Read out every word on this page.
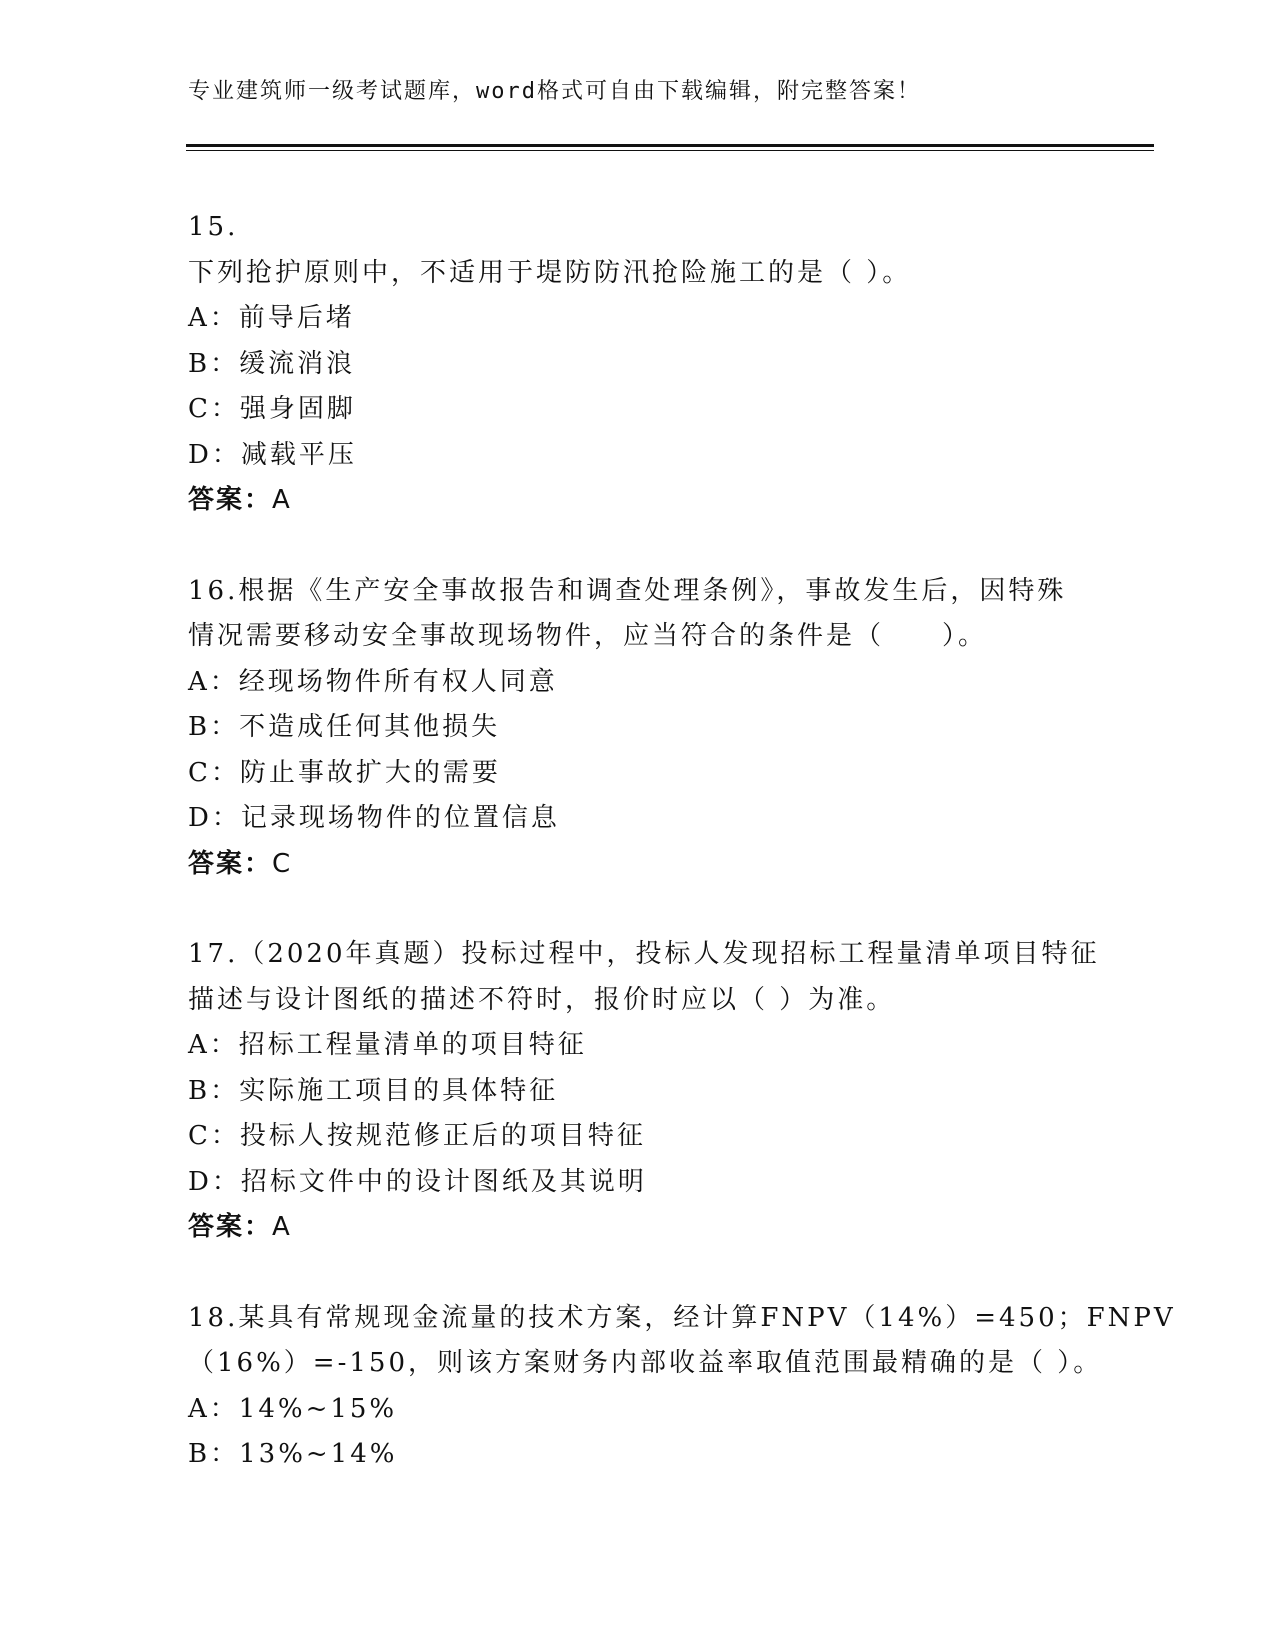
专业建筑师一级考试题库，word格式可自由下载编辑，附完整答案！
15.
下列抢护原则中，不适用于堤防防汛抢险施工的是（ ）。
A：前导后堵
B：缓流消浪
C：强身固脚
D：减载平压
答案：A
16.根据《生产安全事故报告和调查处理条例》，事故发生后，因特殊
情况需要移动安全事故现场物件，应当符合的条件是（　　）。
A：经现场物件所有权人同意
B：不造成任何其他损失
C：防止事故扩大的需要
D：记录现场物件的位置信息
答案：C
17.（2020年真题）投标过程中，投标人发现招标工程量清单项目特征
描述与设计图纸的描述不符时，报价时应以（ ）为准。
A：招标工程量清单的项目特征
B：实际施工项目的具体特征
C：投标人按规范修正后的项目特征
D：招标文件中的设计图纸及其说明
答案：A
18.某具有常规现金流量的技术方案，经计算FNPV（14%）=450；FNPV
（16%）=-150，则该方案财务内部收益率取值范围最精确的是（ ）。
A：14%~15%
B：13%~14%
